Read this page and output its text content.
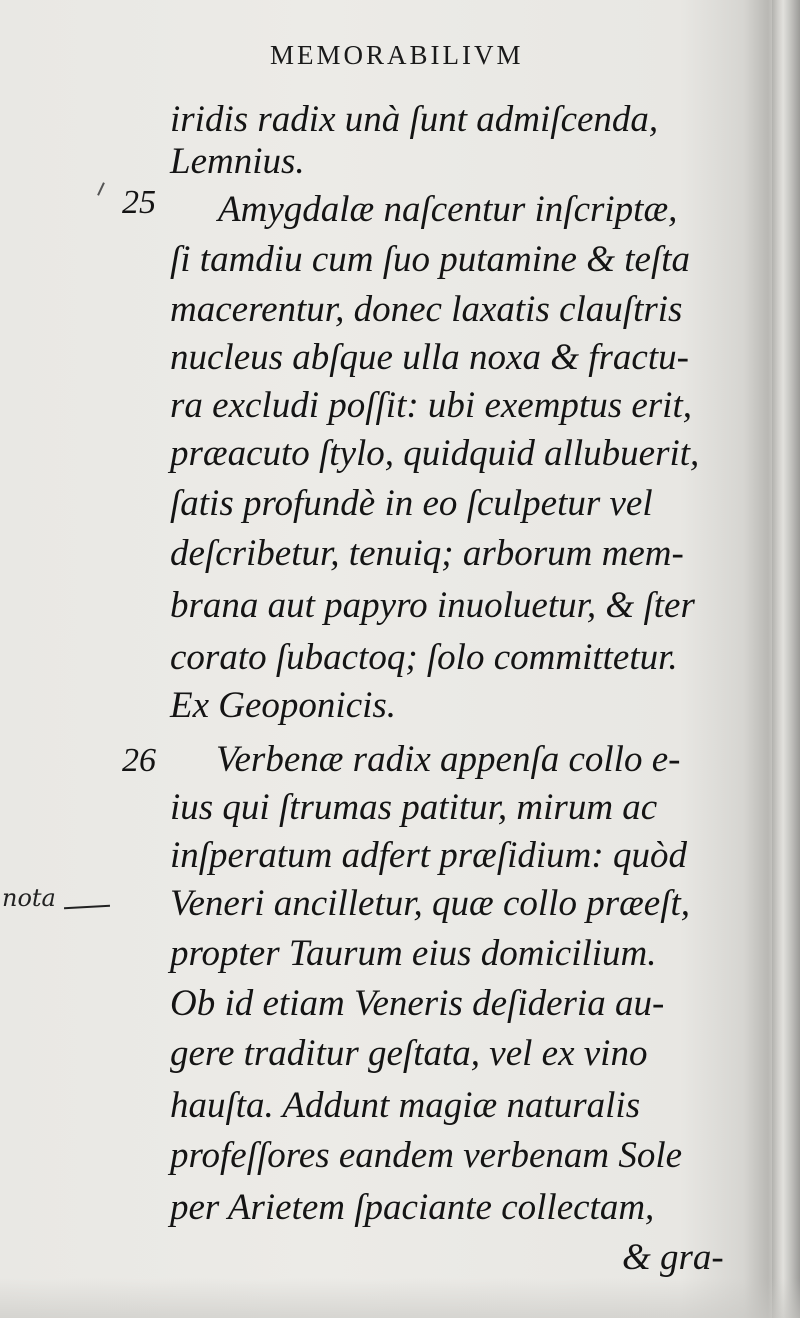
MEMORABILIVM
25
26
iridis radix unà ſunt admiſcenda,
Lemnius.
Amygdalæ naſcentur inſcriptæ,
ſi tamdiu cum ſuo putamine & teſta
macerentur, donec laxatis clauſtris
nucleus abſque ulla noxa & fractu-
ra excludi poſſit: ubi exemptus erit,
præacuto ſtylo, quidquid allubuerit,
ſatis profundè in eo ſculpetur vel
deſcribetur, tenuiq; arborum mem-
brana aut papyro inuoluetur, & ſter
corato ſubactoq; ſolo committetur.
Ex Geoponicis.
Verbenæ radix appenſa collo e-
ius qui ſtrumas patitur, mirum ac
inſperatum adfert præſidium: quòd
Veneri ancilletur, quæ collo præeſt,
propter Taurum eius domicilium.
Ob id etiam Veneris deſideria au-
gere traditur geſtata, vel ex vino
hauſta. Addunt magiæ naturalis
profeſſores eandem verbenam Sole
per Arietem ſpaciante collectam,
& gra-
nota
